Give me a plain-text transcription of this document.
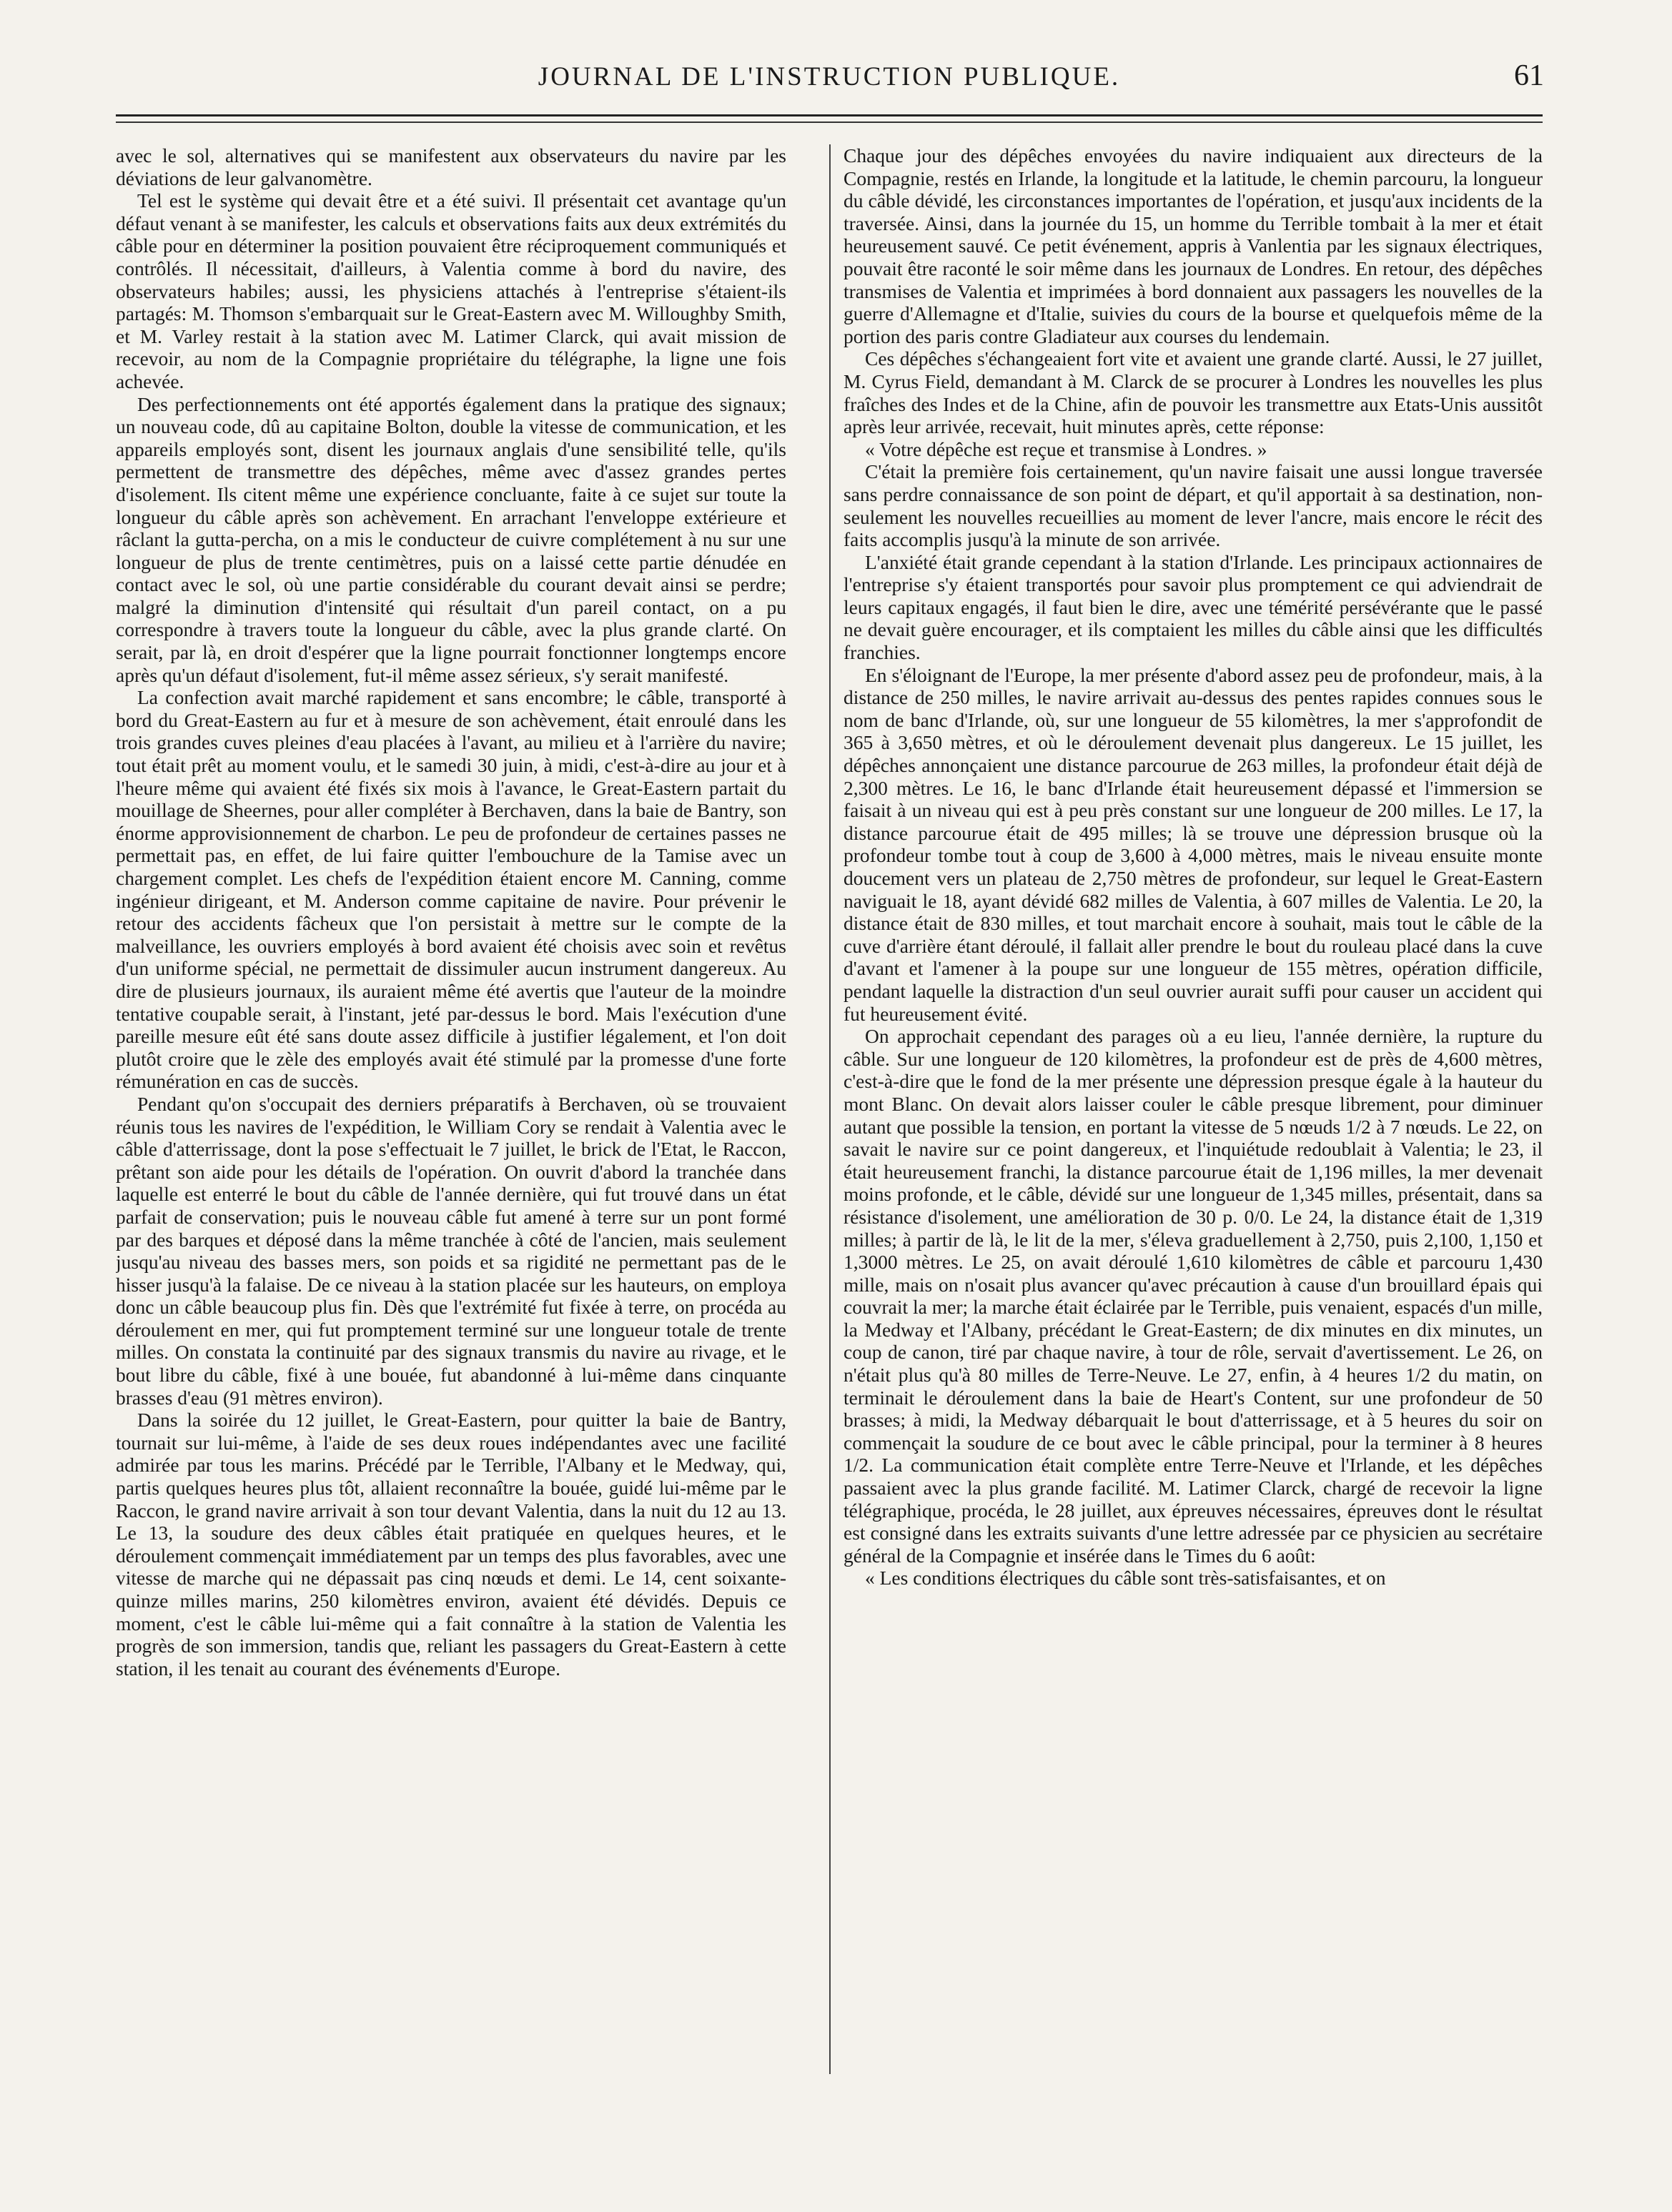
JOURNAL DE L'INSTRUCTION PUBLIQUE.	61

avec le sol, alternatives qui se manifestent aux observateurs du navire par les déviations de leur galvanomètre.

Tel est le système qui devait être et a été suivi. Il présentait cet avantage qu'un défaut venant à se manifester, les calculs et observations faits aux deux extrémités du câble pour en déterminer la position pouvaient être réciproquement communiqués et contrôlés. Il nécessitait, d'ailleurs, à Valentia comme à bord du navire, des observateurs habiles; aussi, les physiciens attachés à l'entreprise s'étaient-ils partagés: M. Thomson s'embarquait sur le Great-Eastern avec M. Willoughby Smith, et M. Varley restait à la station avec M. Latimer Clarck, qui avait mission de recevoir, au nom de la Compagnie propriétaire du télégraphe, la ligne une fois achevée.

Des perfectionnements ont été apportés également dans la pratique des signaux; un nouveau code, dû au capitaine Bolton, double la vitesse de communication, et les appareils employés sont, disent les journaux anglais d'une sensibilité telle, qu'ils permettent de transmettre des dépêches, même avec d'assez grandes pertes d'isolement. Ils citent même une expérience concluante, faite à ce sujet sur toute la longueur du câble après son achèvement. En arrachant l'enveloppe extérieure et râclant la gutta-percha, on a mis le conducteur de cuivre complétement à nu sur une longueur de plus de trente centimètres, puis on a laissé cette partie dénudée en contact avec le sol, où une partie considérable du courant devait ainsi se perdre; malgré la diminution d'intensité qui résultait d'un pareil contact, on a pu correspondre à travers toute la longueur du câble, avec la plus grande clarté. On serait, par là, en droit d'espérer que la ligne pourrait fonctionner longtemps encore après qu'un défaut d'isolement, fut-il même assez sérieux, s'y serait manifesté.

La confection avait marché rapidement et sans encombre; le câble, transporté à bord du Great-Eastern au fur et à mesure de son achèvement, était enroulé dans les trois grandes cuves pleines d'eau placées à l'avant, au milieu et à l'arrière du navire; tout était prêt au moment voulu, et le samedi 30 juin, à midi, c'est-à-dire au jour et à l'heure même qui avaient été fixés six mois à l'avance, le Great-Eastern partait du mouillage de Sheernes, pour aller compléter à Berchaven, dans la baie de Bantry, son énorme approvisionnement de charbon. Le peu de profondeur de certaines passes ne permettait pas, en effet, de lui faire quitter l'embouchure de la Tamise avec un chargement complet. Les chefs de l'expédition étaient encore M. Canning, comme ingénieur dirigeant, et M. Anderson comme capitaine de navire. Pour prévenir le retour des accidents fâcheux que l'on persistait à mettre sur le compte de la malveillance, les ouvriers employés à bord avaient été choisis avec soin et revêtus d'un uniforme spécial, ne permettait de dissimuler aucun instrument dangereux. Au dire de plusieurs journaux, ils auraient même été avertis que l'auteur de la moindre tentative coupable serait, à l'instant, jeté par-dessus le bord. Mais l'exécution d'une pareille mesure eût été sans doute assez difficile à justifier légalement, et l'on doit plutôt croire que le zèle des employés avait été stimulé par la promesse d'une forte rémunération en cas de succès.

Pendant qu'on s'occupait des derniers préparatifs à Berchaven, où se trouvaient réunis tous les navires de l'expédition, le William Cory se rendait à Valentia avec le câble d'atterrissage, dont la pose s'effectuait le 7 juillet, le brick de l'Etat, le Raccon, prêtant son aide pour les détails de l'opération. On ouvrit d'abord la tranchée dans laquelle est enterré le bout du câble de l'année dernière, qui fut trouvé dans un état parfait de conservation; puis le nouveau câble fut amené à terre sur un pont formé par des barques et déposé dans la même tranchée à côté de l'ancien, mais seulement jusqu'au niveau des basses mers, son poids et sa rigidité ne permettant pas de le hisser jusqu'à la falaise. De ce niveau à la station placée sur les hauteurs, on employa donc un câble beaucoup plus fin. Dès que l'extrémité fut fixée à terre, on procéda au déroulement en mer, qui fut promptement terminé sur une longueur totale de trente milles. On constata la continuité par des signaux transmis du navire au rivage, et le bout libre du câble, fixé à une bouée, fut abandonné à lui-même dans cinquante brasses d'eau (91 mètres environ).

Dans la soirée du 12 juillet, le Great-Eastern, pour quitter la baie de Bantry, tournait sur lui-même, à l'aide de ses deux roues indépendantes avec une facilité admirée par tous les marins. Précédé par le Terrible, l'Albany et le Medway, qui, partis quelques heures plus tôt, allaient reconnaître la bouée, guidé lui-même par le Raccon, le grand navire arrivait à son tour devant Valentia, dans la nuit du 12 au 13. Le 13, la soudure des deux câbles était pratiquée en quelques heures, et le déroulement commençait immédiatement par un temps des plus favorables, avec une vitesse de marche qui ne dépassait pas cinq nœuds et demi. Le 14, cent soixante-quinze milles marins, 250 kilomètres environ, avaient été dévidés. Depuis ce moment, c'est le câble lui-même qui a fait connaître à la station de Valentia les progrès de son immersion, tandis que, reliant les passagers du Great-Eastern à cette station, il les tenait au courant des événements d'Europe.

Chaque jour des dépêches envoyées du navire indiquaient aux directeurs de la Compagnie, restés en Irlande, la longitude et la latitude, le chemin parcouru, la longueur du câble dévidé, les circonstances importantes de l'opération, et jusqu'aux incidents de la traversée. Ainsi, dans la journée du 15, un homme du Terrible tombait à la mer et était heureusement sauvé. Ce petit événement, appris à Vanlentia par les signaux électriques, pouvait être raconté le soir même dans les journaux de Londres. En retour, des dépêches transmises de Valentia et imprimées à bord donnaient aux passagers les nouvelles de la guerre d'Allemagne et d'Italie, suivies du cours de la bourse et quelquefois même de la portion des paris contre Gladiateur aux courses du lendemain.

Ces dépêches s'échangeaient fort vite et avaient une grande clarté. Aussi, le 27 juillet, M. Cyrus Field, demandant à M. Clarck de se procurer à Londres les nouvelles les plus fraîches des Indes et de la Chine, afin de pouvoir les transmettre aux Etats-Unis aussitôt après leur arrivée, recevait, huit minutes après, cette réponse:

« Votre dépêche est reçue et transmise à Londres. »

C'était la première fois certainement, qu'un navire faisait une aussi longue traversée sans perdre connaissance de son point de départ, et qu'il apportait à sa destination, non-seulement les nouvelles recueillies au moment de lever l'ancre, mais encore le récit des faits accomplis jusqu'à la minute de son arrivée.

L'anxiété était grande cependant à la station d'Irlande. Les principaux actionnaires de l'entreprise s'y étaient transportés pour savoir plus promptement ce qui adviendrait de leurs capitaux engagés, il faut bien le dire, avec une témérité persévérante que le passé ne devait guère encourager, et ils comptaient les milles du câble ainsi que les difficultés franchies.

En s'éloignant de l'Europe, la mer présente d'abord assez peu de profondeur, mais, à la distance de 250 milles, le navire arrivait au-dessus des pentes rapides connues sous le nom de banc d'Irlande, où, sur une longueur de 55 kilomètres, la mer s'approfondit de 365 à 3,650 mètres, et où le déroulement devenait plus dangereux. Le 15 juillet, les dépêches annonçaient une distance parcourue de 263 milles, la profondeur était déjà de 2,300 mètres. Le 16, le banc d'Irlande était heureusement dépassé et l'immersion se faisait à un niveau qui est à peu près constant sur une longueur de 200 milles. Le 17, la distance parcourue était de 495 milles; là se trouve une dépression brusque où la profondeur tombe tout à coup de 3,600 à 4,000 mètres, mais le niveau ensuite monte doucement vers un plateau de 2,750 mètres de profondeur, sur lequel le Great-Eastern naviguait le 18, ayant dévidé 682 milles de Valentia, à 607 milles de Valentia. Le 20, la distance était de 830 milles, et tout marchait encore à souhait, mais tout le câble de la cuve d'arrière étant déroulé, il fallait aller prendre le bout du rouleau placé dans la cuve d'avant et l'amener à la poupe sur une longueur de 155 mètres, opération difficile, pendant laquelle la distraction d'un seul ouvrier aurait suffi pour causer un accident qui fut heureusement évité.

On approchait cependant des parages où a eu lieu, l'année dernière, la rupture du câble. Sur une longueur de 120 kilomètres, la profondeur est de près de 4,600 mètres, c'est-à-dire que le fond de la mer présente une dépression presque égale à la hauteur du mont Blanc. On devait alors laisser couler le câble presque librement, pour diminuer autant que possible la tension, en portant la vitesse de 5 nœuds 1/2 à 7 nœuds. Le 22, on savait le navire sur ce point dangereux, et l'inquiétude redoublait à Valentia; le 23, il était heureusement franchi, la distance parcourue était de 1,196 milles, la mer devenait moins profonde, et le câble, dévidé sur une longueur de 1,345 milles, présentait, dans sa résistance d'isolement, une amélioration de 30 p. 0/0. Le 24, la distance était de 1,319 milles; à partir de là, le lit de la mer, s'éleva graduellement à 2,750, puis 2,100, 1,150 et 1,3000 mètres. Le 25, on avait déroulé 1,610 kilomètres de câble et parcouru 1,430 mille, mais on n'osait plus avancer qu'avec précaution à cause d'un brouillard épais qui couvrait la mer; la marche était éclairée par le Terrible, puis venaient, espacés d'un mille, la Medway et l'Albany, précédant le Great-Eastern; de dix minutes en dix minutes, un coup de canon, tiré par chaque navire, à tour de rôle, servait d'avertissement. Le 26, on n'était plus qu'à 80 milles de Terre-Neuve. Le 27, enfin, à 4 heures 1/2 du matin, on terminait le déroulement dans la baie de Heart's Content, sur une profondeur de 50 brasses; à midi, la Medway débarquait le bout d'atterrissage, et à 5 heures du soir on commençait la soudure de ce bout avec le câble principal, pour la terminer à 8 heures 1/2. La communication était complète entre Terre-Neuve et l'Irlande, et les dépêches passaient avec la plus grande facilité. M. Latimer Clarck, chargé de recevoir la ligne télégraphique, procéda, le 28 juillet, aux épreuves nécessaires, épreuves dont le résultat est consigné dans les extraits suivants d'une lettre adressée par ce physicien au secrétaire général de la Compagnie et insérée dans le Times du 6 août:

« Les conditions électriques du câble sont très-satisfaisantes, et on
